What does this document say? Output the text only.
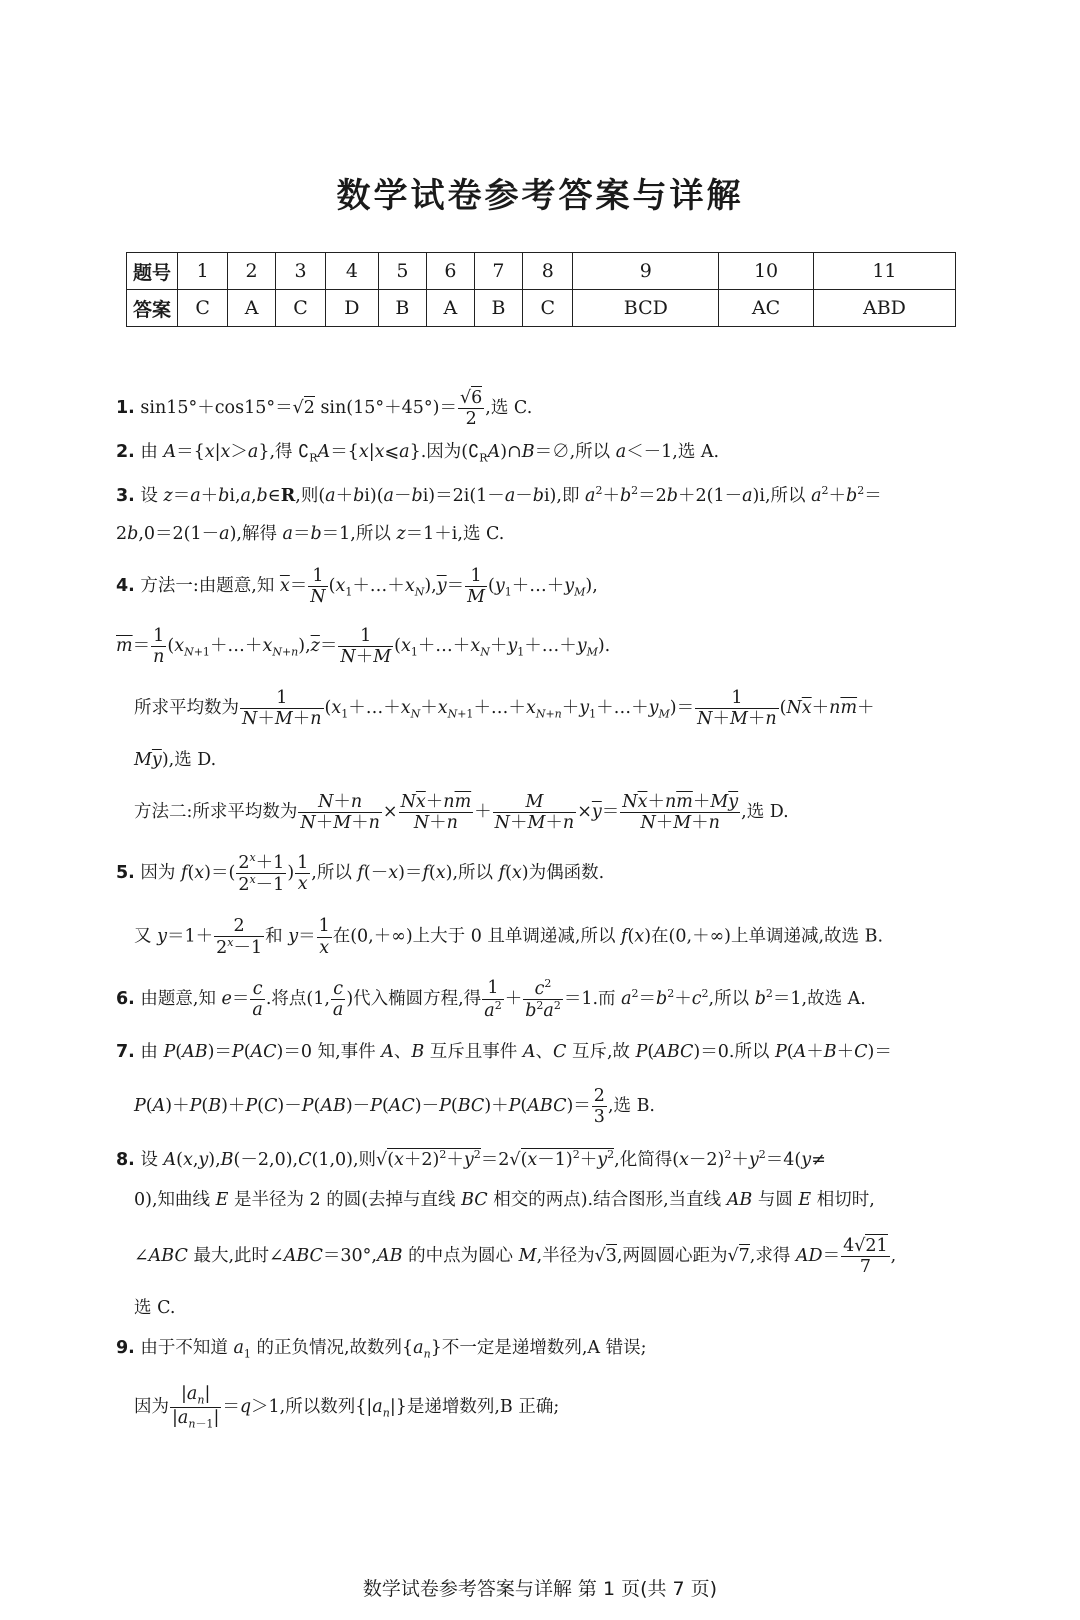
数学试卷参考答案与详解
题号	1	2	3	4	5	6	7	8	9	10	11
答案	C	A	C	D	B	A	B	C	BCD	AC	ABD
1. sin15°＋cos15°＝√2 $\sin(15^\circ+45^\circ)= \frac{√6}{2}$ ,选 C.
2. 由 A＝{x|x＞a},得 $∁_RA=\{x|x⩽a\}$.因为$(∁_RA)\cap B=\emptyset$,所以 a＜－1,选 A.
3. 设 z＝a＋bi,a,b∈R,则(a＋bi)(a－bi)＝2i(1－a－bi),即 $a^2+b^2=2b+2(1-a)i$,所以 $a^2+b^2=$
2b,0＝2(1－a),解得 a＝b＝1,所以 z＝1＋i,选 C.
4. 方法一:由题意,知 $\overline{x}= \frac{1}{N}$ $(x_1+\dots+x_N),\overline{y}= \frac{1}{M}$ $(y_1+\dots+y_M)$,
$\overline{m}= \frac{1}{n}$ $(x_{N+1}+\dots+x_{N+n}),\overline{z}= \frac{1}{N+M}$ $(x_1+\dots+x_N+y_1+\dots+y_M)$.
所求平均数为 $\frac{1}{N+M+n}$ $(x_1+\dots+x_N+x_{N+1}+\dots+x_{N+n}+y_1+\dots+y_M)= \frac{1}{N+M+n} (N\overline{x}+n\overline{m}+$
$M\overline{y}$),选 D.
方法二:所求平均数为 $\frac{N+n}{N+M+n} \times \frac{N\overline{x}+n\overline{m}}{N+n} + \frac{M}{N+M+n} \times\overline{y}= \frac{N\overline{x}+n\overline{m}+M\overline{y}}{N+M+n}$ ,选 D.
5. 因为 $f(x)=( \frac{2^x+1}{2^x-1}$ ) $\frac{1}{x}$ ,所以 f(－x)＝f(x),所以 f(x)为偶函数.
又 $y=1+ \frac{2}{2^x-1}$ 和 $y= \frac{1}{x}$ 在(0,＋∞)上大于 0 且单调递减,所以 f(x)在(0,＋∞)上单调递减,故选 B.
6. 由题意,知 $e= \frac{c}{a}$ .将点(1, $\frac{c}{a}$ )代入椭圆方程,得 $\frac{1}{a^2} + \frac{c^2}{b^2a^2} =1$.而 $a^2=b^2+c^2$,所以 $b^2=1$,故选 A.
7. 由 P(AB)＝P(AC)＝0 知,事件 A、B 互斥且事件 A、C 互斥,故 P(ABC)＝0.所以 P(A＋B＋C)＝
$P(A)+P(B)+P(C)-P(AB)-P(AC)-P(BC)+P(ABC)= \frac{2}{3}$ ,选 B.
8. 设 A(x,y),B(－2,0),C(1,0),则$√(x+2)^2+y^2=2√(x-1)^2+y^2$,化简得$(x-2)^2+y^2=4(y\ne$
0),知曲线 E 是半径为 2 的圆(去掉与直线 BC 相交的两点).结合图形,当直线 AB 与圆 E 相切时,
∠ABC 最大,此时∠ABC＝30°,AB 的中点为圆心 M,半径为√3,两圆圆心距为√7,求得 $AD= \frac{4√21}{7}$ ,
选 C.
9. 由于不知道 $a_1$ 的正负情况,故数列$\{a_n\}$不一定是递增数列,A 错误;
因为 $\frac{|a_n|}{|a_{n-1}|} =q>1$,所以数列$\{|a_n|\}$是递增数列,B 正确;
数学试卷参考答案与详解 第 1 页(共 7 页)
